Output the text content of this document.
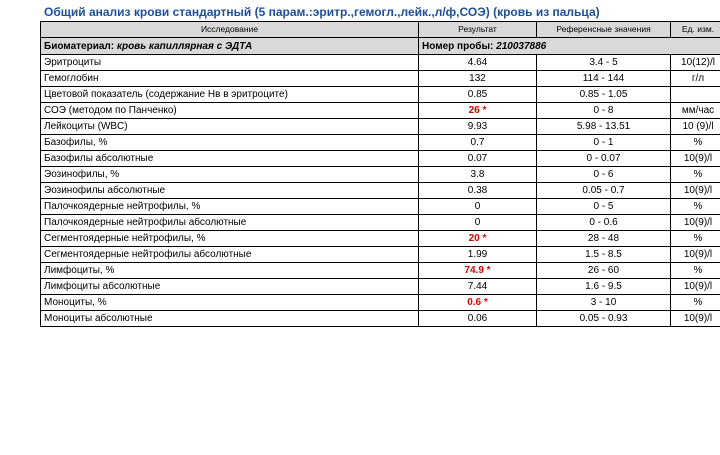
Общий анализ крови стандартный (5 парам.:эритр.,гемогл.,лейк.,л/ф,СОЭ) (кровь из пальца)
Исследование	Результат	Референсные значения	Ед. изм.
Биоматериал: кровь капиллярная с ЭДТА	Номер пробы: 210037886		
Эритроциты	4.64	3.4 - 5	10(12)/l
Гемоглобин	132	114 - 144	г/л
Цветовой показатель (содержание Нв в эритроците)	0.85	0.85 - 1.05	
СОЭ (методом по Панченко)	26 *	0 - 8	мм/час
Лейкоциты (WBC)	9.93	5.98 - 13.51	10 (9)/l
Базофилы, %	0.7	0 - 1	%
Базофилы абсолютные	0.07	0 - 0.07	10(9)/l
Эозинофилы, %	3.8	0 - 6	%
Эозинофилы абсолютные	0.38	0.05 - 0.7	10(9)/l
Палочкоядерные нейтрофилы, %	0	0 - 5	%
Палочкоядерные нейтрофилы абсолютные	0	0 - 0.6	10(9)/l
Сегментоядерные нейтрофилы, %	20 *	28 - 48	%
Сегментоядерные нейтрофилы абсолютные	1.99	1.5 - 8.5	10(9)/l
Лимфоциты, %	74.9 *	26 - 60	%
Лимфоциты абсолютные	7.44	1.6 - 9.5	10(9)/l
Моноциты, %	0.6 *	3 - 10	%
Моноциты абсолютные	0.06	0.05 - 0.93	10(9)/l
